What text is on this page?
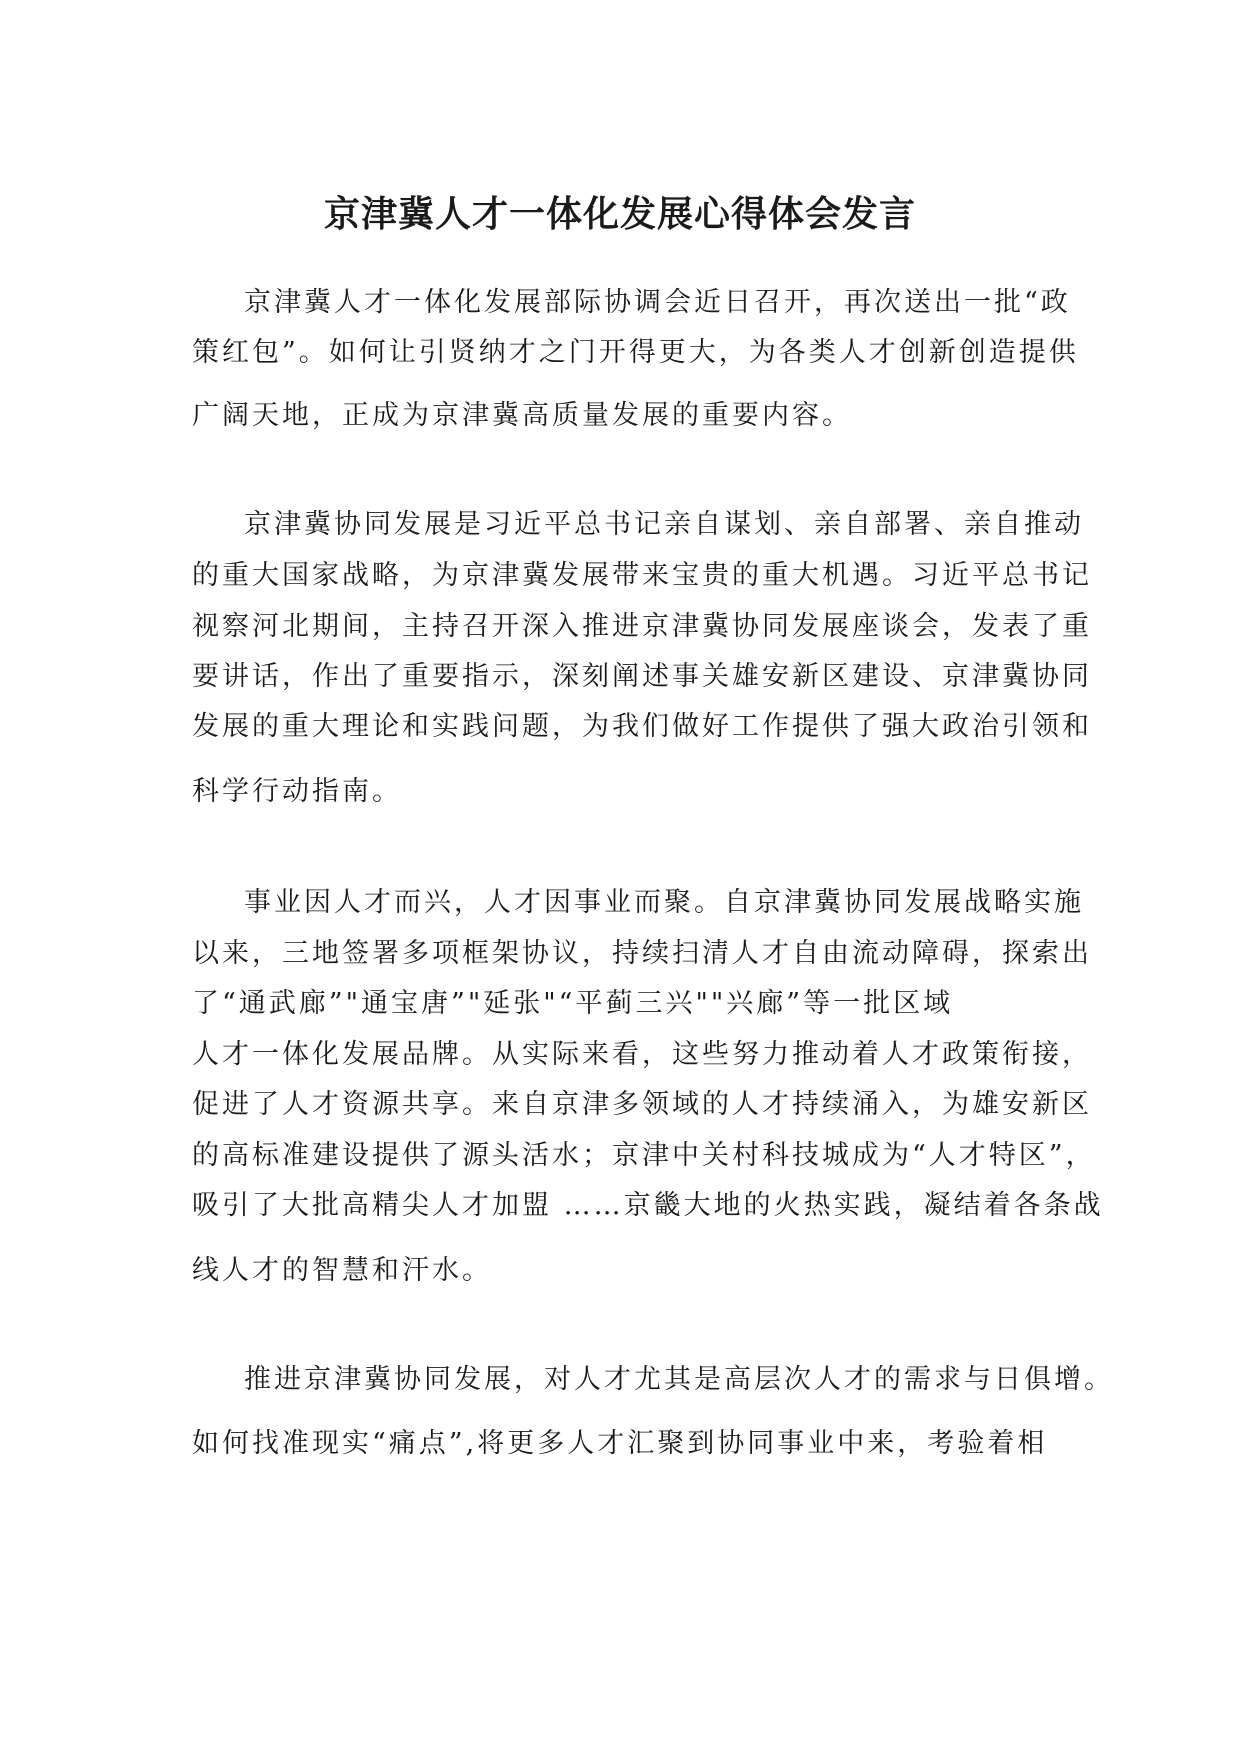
京津冀人才一体化发展心得体会发言

京津冀人才一体化发展部际协调会近日召开，再次送出一批“政

策红包”。如何让引贤纳才之门开得更大，为各类人才创新创造提供

广阔天地，正成为京津冀高质量发展的重要内容。

京津冀协同发展是习近平总书记亲自谋划、亲自部署、亲自推动

的重大国家战略，为京津冀发展带来宝贵的重大机遇。习近平总书记

视察河北期间，主持召开深入推进京津冀协同发展座谈会，发表了重

要讲话，作出了重要指示，深刻阐述事关雄安新区建设、京津冀协同

发展的重大理论和实践问题，为我们做好工作提供了强大政治引领和

科学行动指南。

事业因人才而兴，人才因事业而聚。自京津冀协同发展战略实施

以来，三地签署多项框架协议，持续扫清人才自由流动障碍，探索出

了“通武廊”"通宝唐”"延张"“平蓟三兴""兴廊”等一批区域

人才一体化发展品牌。从实际来看，这些努力推动着人才政策衔接，

促进了人才资源共享。来自京津多领域的人才持续涌入，为雄安新区

的高标准建设提供了源头活水；京津中关村科技城成为“人才特区”，

吸引了大批高精尖人才加盟 ……京畿大地的火热实践，凝结着各条战

线人才的智慧和汗水。

推进京津冀协同发展，对人才尤其是高层次人才的需求与日俱增。

如何找准现实“痛点”,将更多人才汇聚到协同事业中来，考验着相
